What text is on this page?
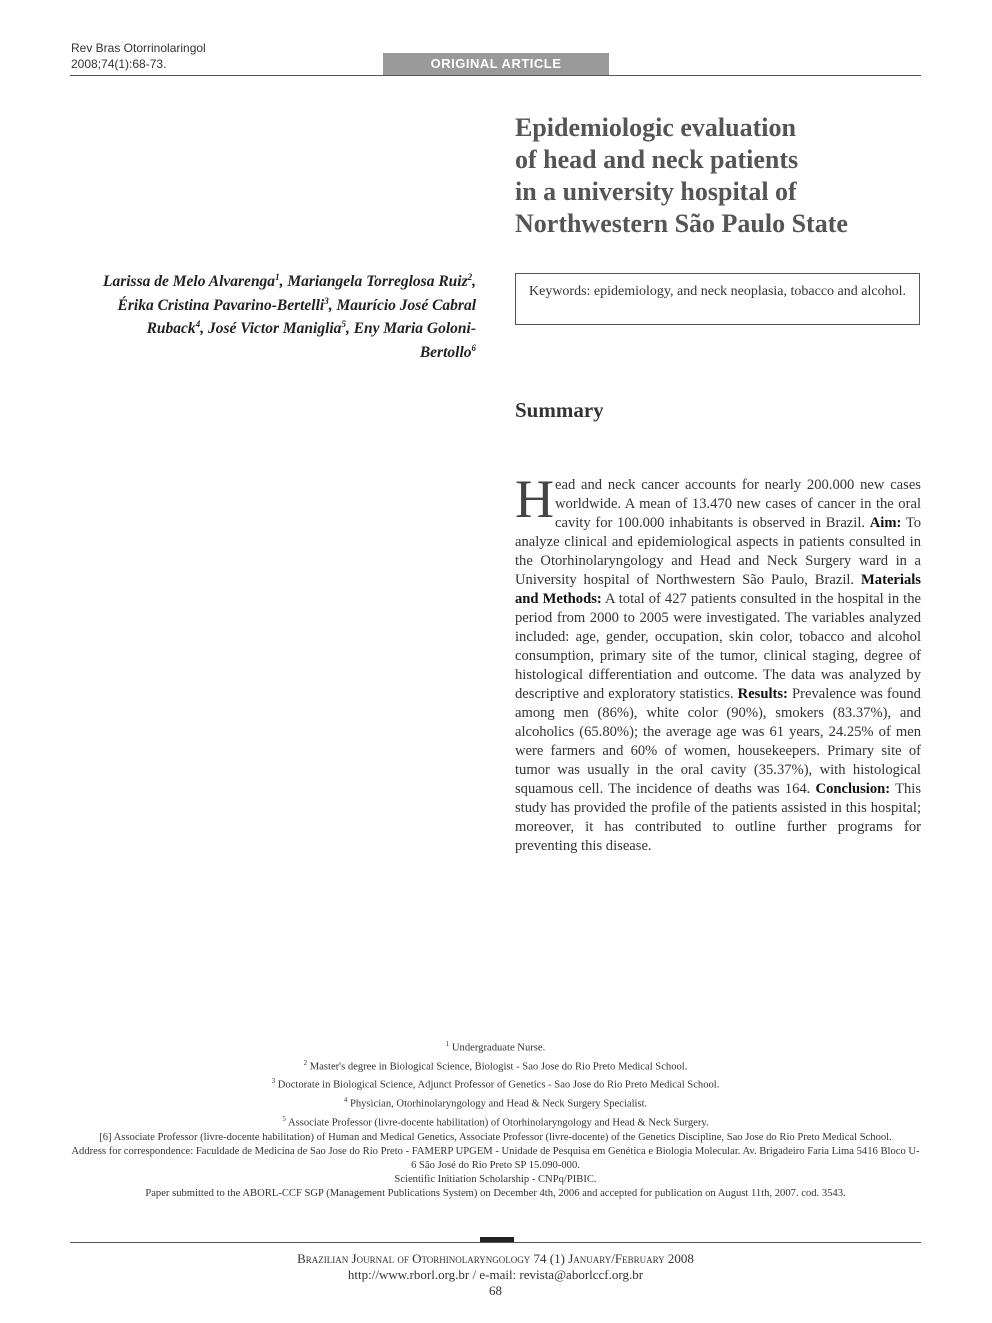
Rev Bras Otorrinolaringol
2008;74(1):68-73.	ORIGINAL ARTICLE
Epidemiologic evaluation
of head and neck patients
in a university hospital of
Northwestern São Paulo State
Larissa de Melo Alvarenga$^1$, Mariangela Torreglosa Ruiz$^2$, Érika Cristina Pavarino-Bertelli$^3$, Maurício José Cabral Ruback$^4$, José Victor Maniglia$^5$, Eny Maria Goloni-Bertollo$^6$
Keywords: epidemiology, and neck neoplasia, tobacco and alcohol.
Summary
Head and neck cancer accounts for nearly 200.000 new cases worldwide. A mean of 13.470 new cases of cancer in the oral cavity for 100.000 inhabitants is observed in Brazil. Aim: To analyze clinical and epidemiological aspects in patients consulted in the Otorhinolaryngology and Head and Neck Surgery ward in a University hospital of Northwestern São Paulo, Brazil. Materials and Methods: A total of 427 patients consulted in the hospital in the period from 2000 to 2005 were investigated. The variables analyzed included: age, gender, occupation, skin color, tobacco and alcohol consumption, primary site of the tumor, clinical staging, degree of histological differentiation and outcome. The data was analyzed by descriptive and exploratory statistics. Results: Prevalence was found among men (86%), white color (90%), smokers (83.37%), and alcoholics (65.80%); the average age was 61 years, 24.25% of men were farmers and 60% of women, housekeepers. Primary site of tumor was usually in the oral cavity (35.37%), with histological squamous cell. The incidence of deaths was 164. Conclusion: This study has provided the profile of the patients assisted in this hospital; moreover, it has contributed to outline further programs for preventing this disease.
$^1$ Undergraduate Nurse.
$^2$ Master's degree in Biological Science, Biologist - Sao Jose do Rio Preto Medical School.
$^3$ Doctorate in Biological Science, Adjunct Professor of Genetics - Sao Jose do Rio Preto Medical School.
$^4$ Physician, Otorhinolaryngology and Head & Neck Surgery Specialist.
$^5$ Associate Professor (livre-docente habilitation) of Otorhinolaryngology and Head & Neck Surgery.
[6] Associate Professor (livre-docente habilitation) of Human and Medical Genetics, Associate Professor (livre-docente) of the Genetics Discipline, Sao Jose do Rio Preto Medical School.
Address for correspondence: Faculdade de Medicina de Sao Jose do Rio Preto - FAMERP UPGEM - Unidade de Pesquisa em Genética e Biologia Molecular. Av. Brigadeiro Faria Lima 5416 Bloco U-6 São José do Rio Preto SP 15.090-000.
Scientific Initiation Scholarship - CNPq/PIBIC.
Paper submitted to the ABORL-CCF SGP (Management Publications System) on December 4th, 2006 and accepted for publication on August 11th, 2007. cod. 3543.
Brazilian Journal of Otorhinolaryngology 74 (1) January/February 2008
http://www.rborl.org.br / e-mail: revista@aborlccf.org.br
68
